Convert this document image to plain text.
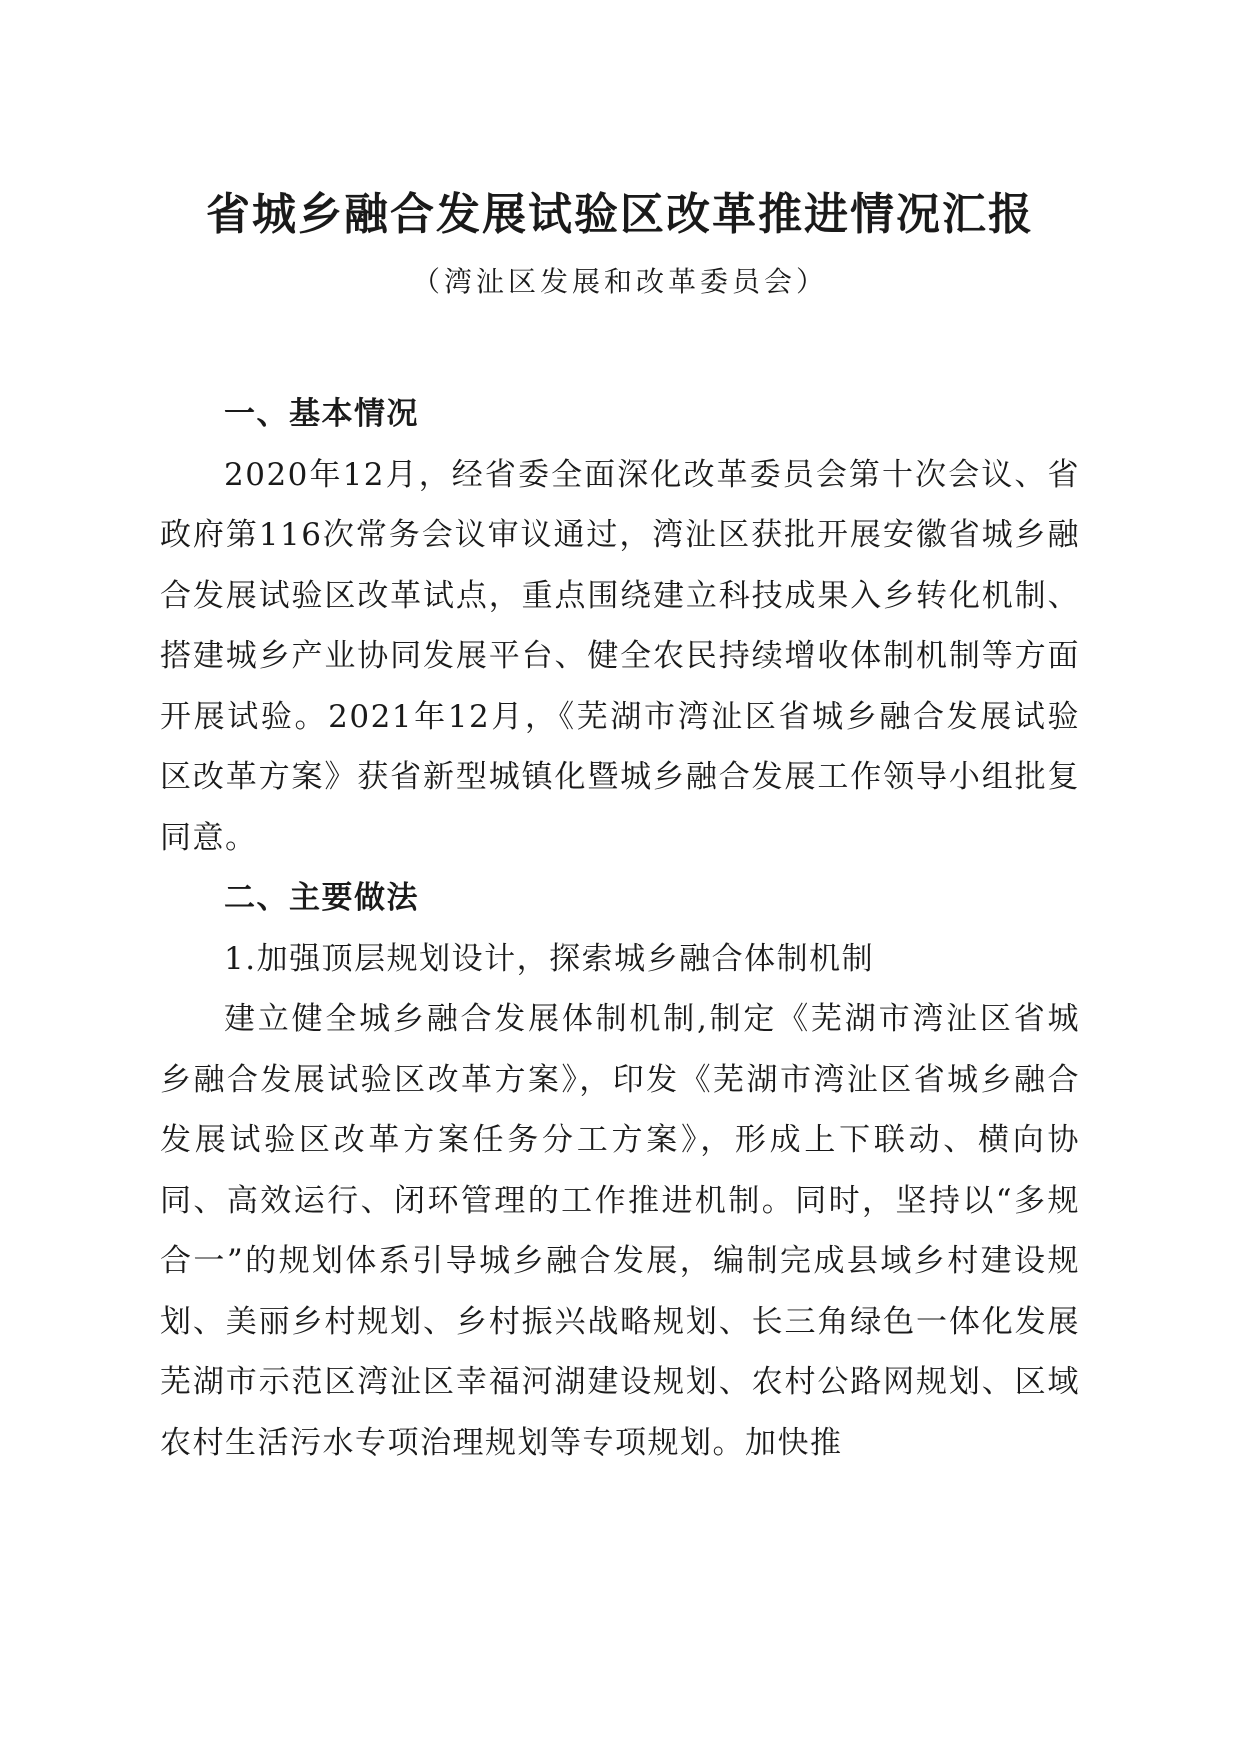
省城乡融合发展试验区改革推进情况汇报

（湾沚区发展和改革委员会）

一、基本情况

2020年12月，经省委全面深化改革委员会第十次会议、省政府第116次常务会议审议通过，湾沚区获批开展安徽省城乡融合发展试验区改革试点，重点围绕建立科技成果入乡转化机制、搭建城乡产业协同发展平台、健全农民持续增收体制机制等方面开展试验。2021年12月，《芜湖市湾沚区省城乡融合发展试验区改革方案》获省新型城镇化暨城乡融合发展工作领导小组批复同意。

二、主要做法

1.加强顶层规划设计，探索城乡融合体制机制

建立健全城乡融合发展体制机制,制定《芜湖市湾沚区省城乡融合发展试验区改革方案》，印发《芜湖市湾沚区省城乡融合发展试验区改革方案任务分工方案》，形成上下联动、横向协同、高效运行、闭环管理的工作推进机制。同时，坚持以“多规合一”的规划体系引导城乡融合发展，编制完成县域乡村建设规划、美丽乡村规划、乡村振兴战略规划、长三角绿色一体化发展芜湖市示范区湾沚区幸福河湖建设规划、农村公路网规划、区域农村生活污水专项治理规划等专项规划。加快推
